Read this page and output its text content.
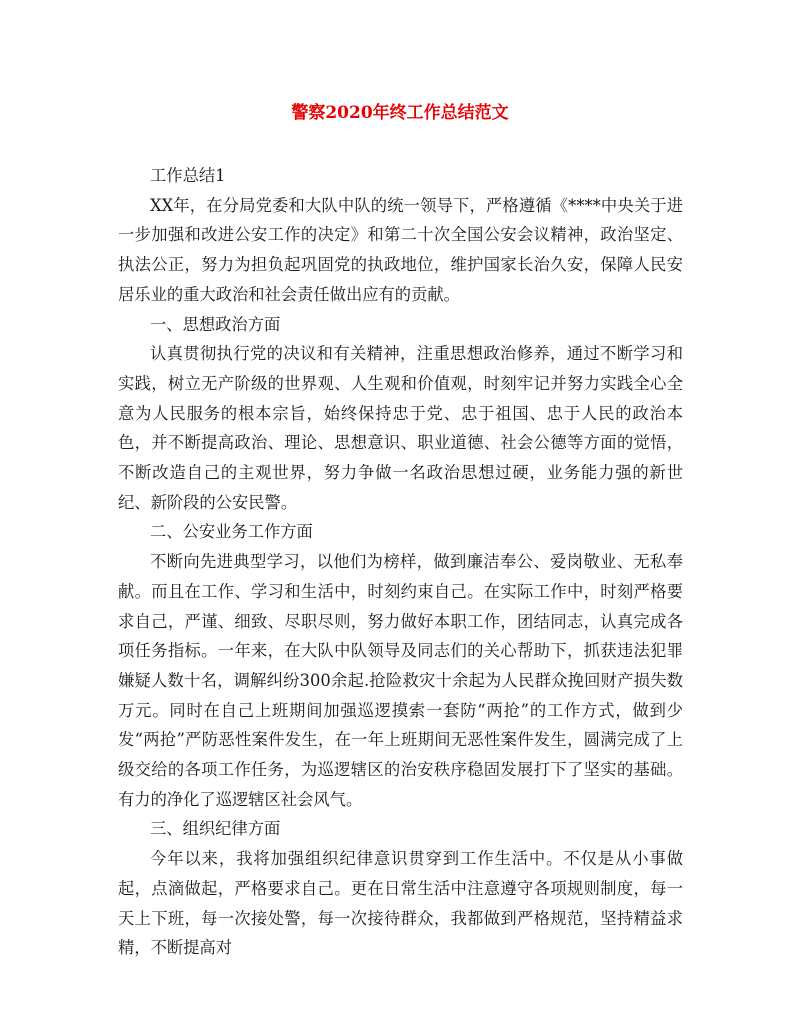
警察2020年终工作总结范文

工作总结1

XX年，在分局党委和大队中队的统一领导下，严格遵循《****中央关于进一步加强和改进公安工作的决定》和第二十次全国公安会议精神，政治坚定、执法公正，努力为担负起巩固党的执政地位，维护国家长治久安，保障人民安居乐业的重大政治和社会责任做出应有的贡献。

一、思想政治方面

认真贯彻执行党的决议和有关精神，注重思想政治修养，通过不断学习和实践，树立无产阶级的世界观、人生观和价值观，时刻牢记并努力实践全心全意为人民服务的根本宗旨，始终保持忠于党、忠于祖国、忠于人民的政治本色，并不断提高政治、理论、思想意识、职业道德、社会公德等方面的觉悟，不断改造自己的主观世界，努力争做一名政治思想过硬，业务能力强的新世纪、新阶段的公安民警。

二、公安业务工作方面

不断向先进典型学习，以他们为榜样，做到廉洁奉公、爱岗敬业、无私奉献。而且在工作、学习和生活中，时刻约束自己。在实际工作中，时刻严格要求自己，严谨、细致、尽职尽则，努力做好本职工作，团结同志，认真完成各项任务指标。一年来，在大队中队领导及同志们的关心帮助下，抓获违法犯罪嫌疑人数十名，调解纠纷300余起.抢险救灾十余起为人民群众挽回财产损失数万元。同时在自己上班期间加强巡逻摸索一套防“两抢”的工作方式，做到少发“两抢”严防恶性案件发生，在一年上班期间无恶性案件发生，圆满完成了上级交给的各项工作任务，为巡逻辖区的治安秩序稳固发展打下了坚实的基础。有力的净化了巡逻辖区社会风气。

三、组织纪律方面

今年以来，我将加强组织纪律意识贯穿到工作生活中。不仅是从小事做起，点滴做起，严格要求自己。更在日常生活中注意遵守各项规则制度，每一天上下班，每一次接处警，每一次接待群众，我都做到严格规范，坚持精益求精，不断提高对
